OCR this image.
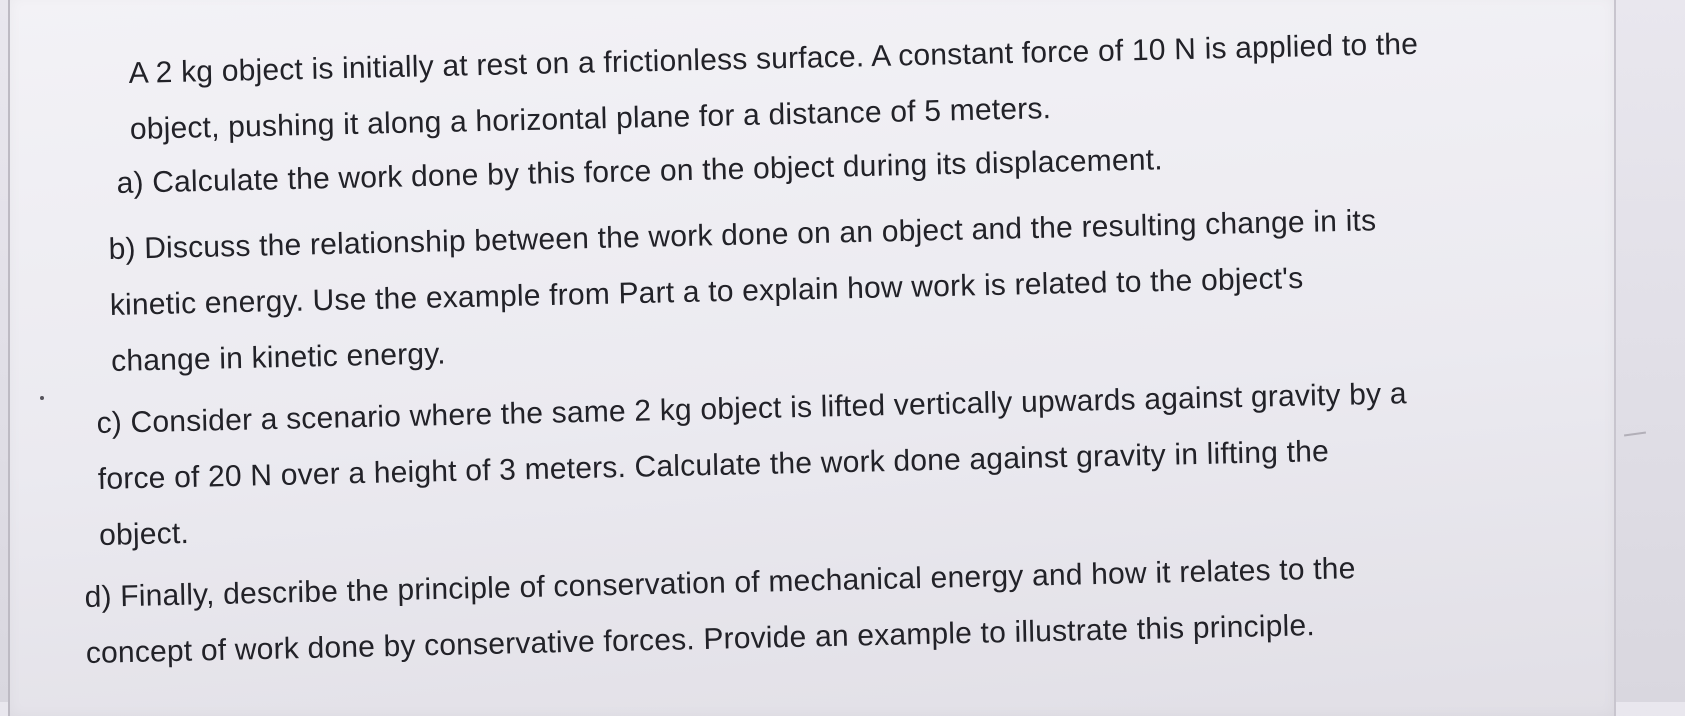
A 2 kg object is initially at rest on a frictionless surface. A constant force of 10 N is applied to the
object, pushing it along a horizontal plane for a distance of 5 meters.
a) Calculate the work done by this force on the object during its displacement.
b) Discuss the relationship between the work done on an object and the resulting change in its
kinetic energy. Use the example from Part a to explain how work is related to the object's
change in kinetic energy.
c) Consider a scenario where the same 2 kg object is lifted vertically upwards against gravity by a
force of 20 N over a height of 3 meters. Calculate the work done against gravity in lifting the
object.
d) Finally, describe the principle of conservation of mechanical energy and how it relates to the
concept of work done by conservative forces. Provide an example to illustrate this principle.
